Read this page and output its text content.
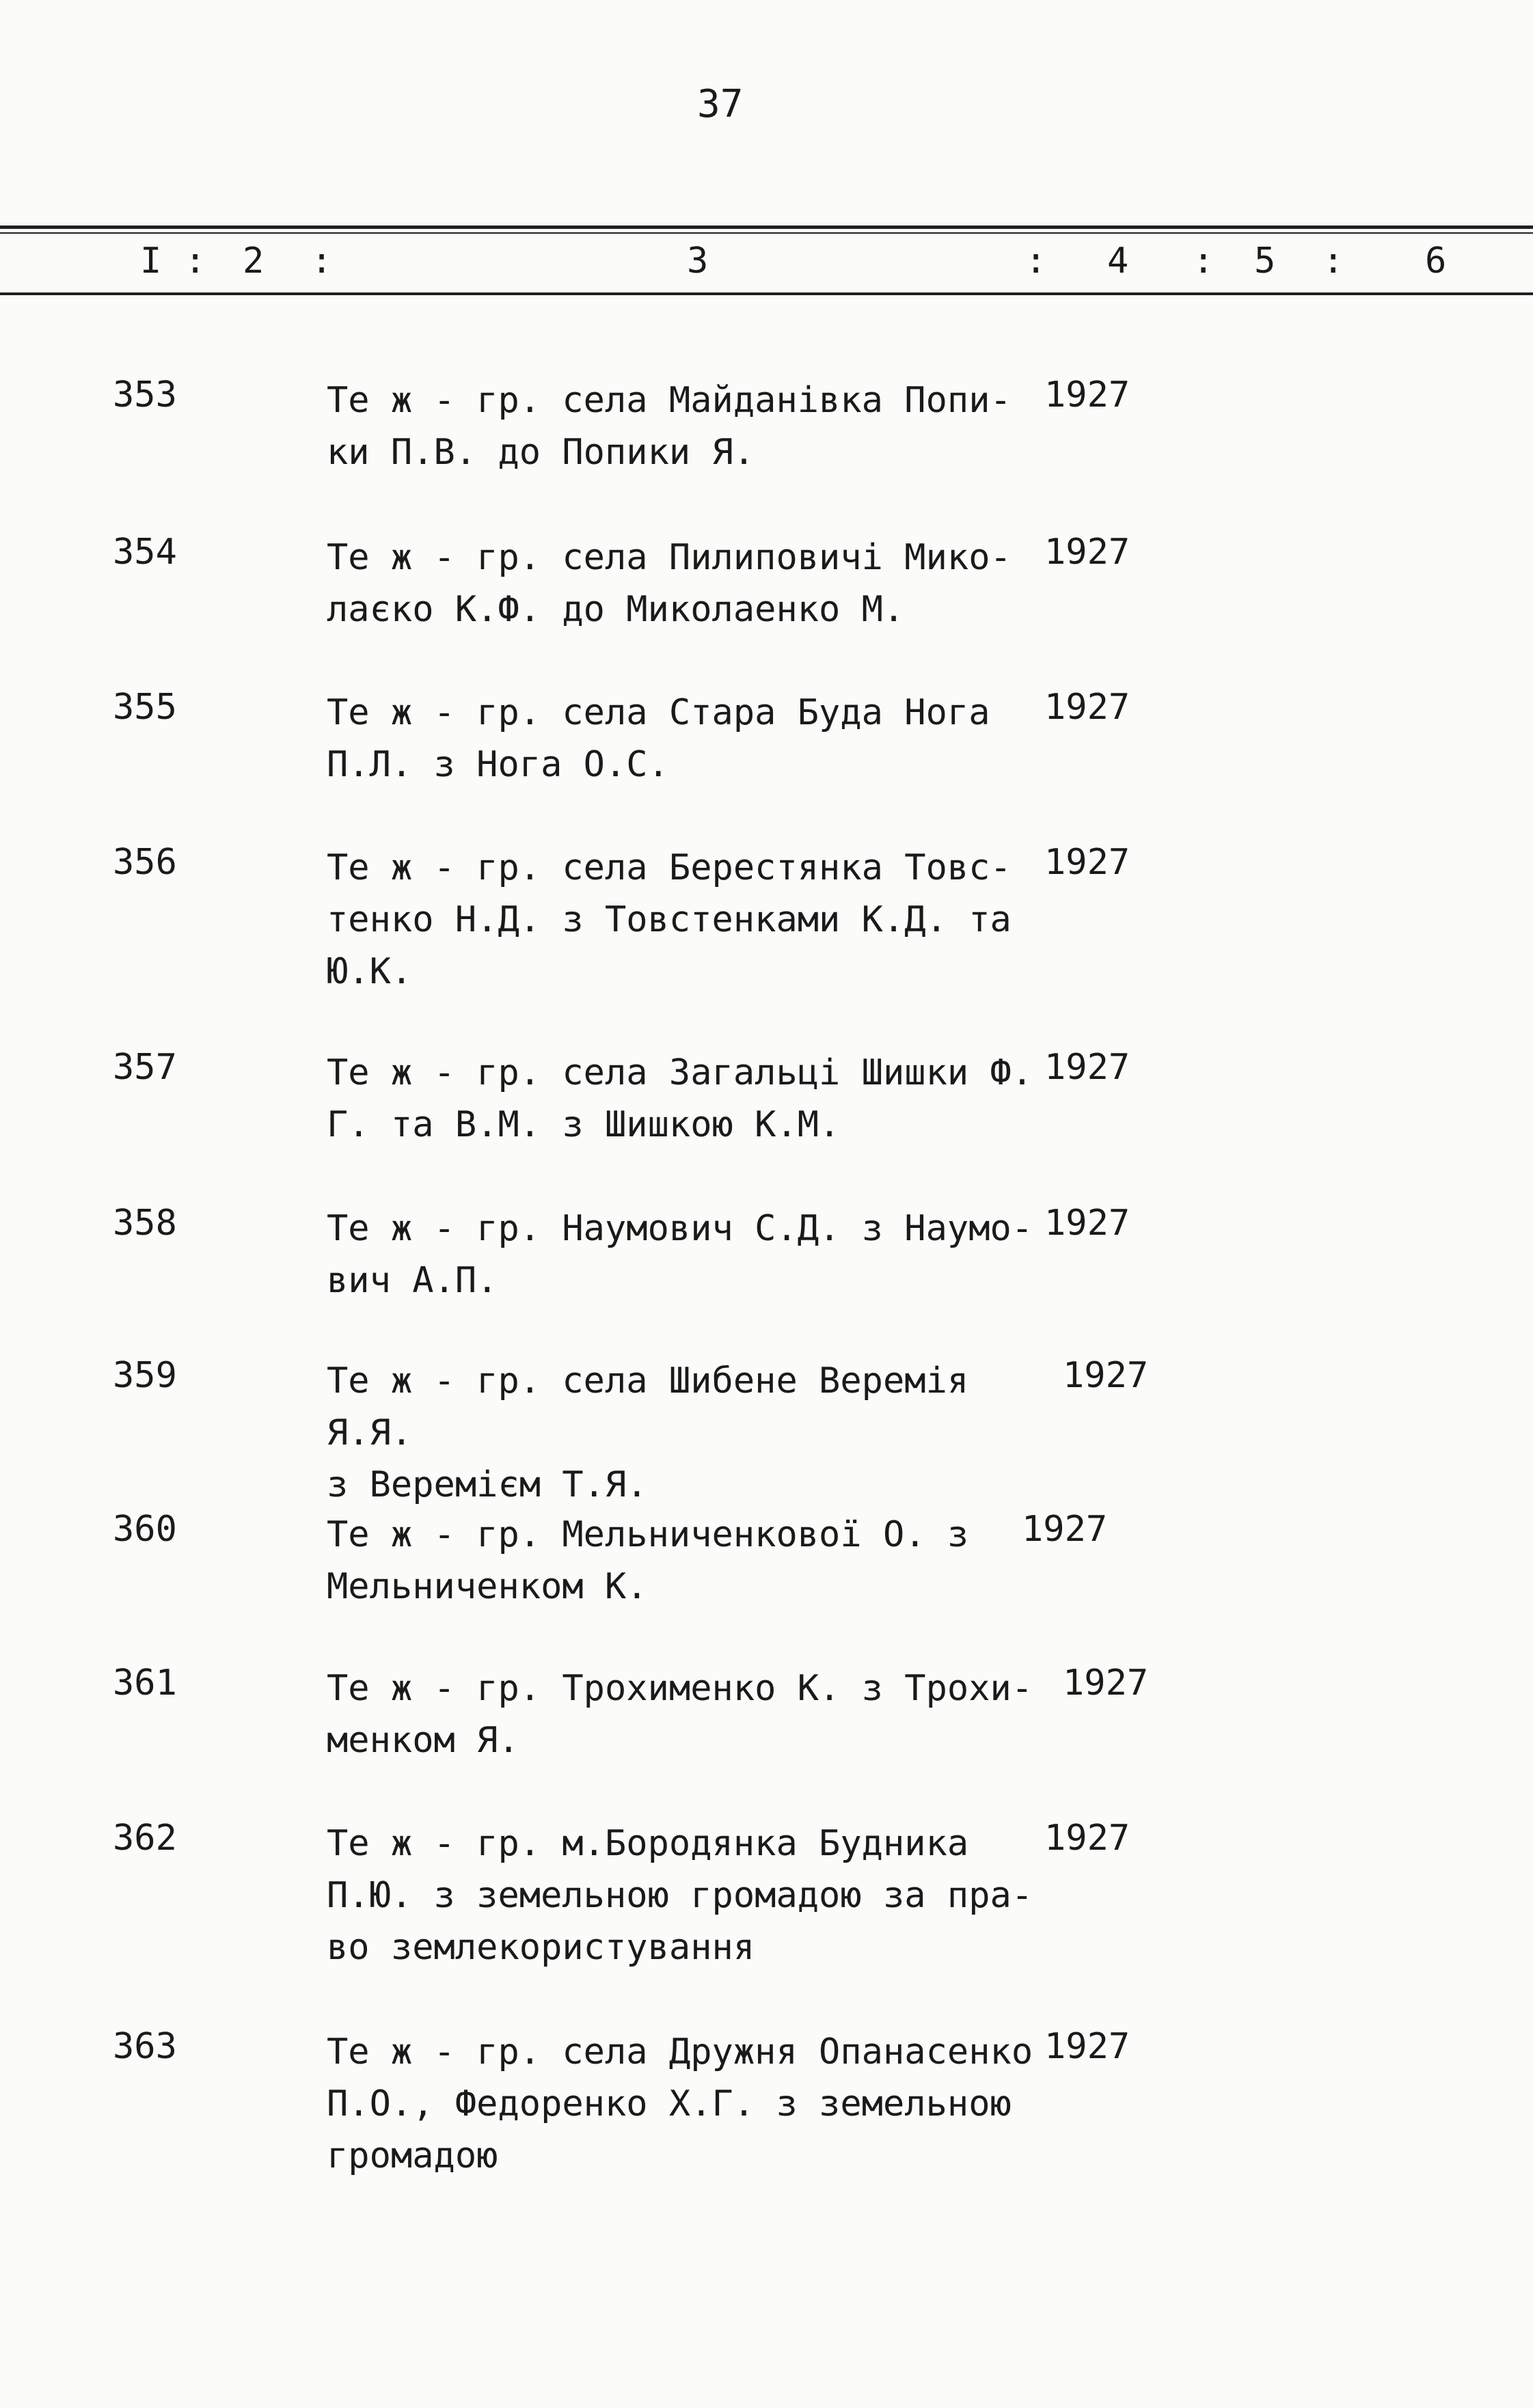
37
I : 2 :	3	: 4 : 5 : 6
353	Те ж - гр. села Майданівка Попи-
ки П.В. до Попики Я.
1927
354	Те ж - гр. села Пилиповичі Мико-
лаєко К.Ф. до Миколаенко М.
1927
355	Те ж - гр. села Стара Буда Нога
П.Л. з Нога О.С.
1927
356	Те ж - гр. села Берестянка Товс-
тенко Н.Д. з Товстенками К.Д. та
Ю.К.
1927
357	Те ж - гр. села Загальці Шишки Ф.
Г. та В.М. з Шишкою К.М.
1927
358	Те ж - гр. Наумович С.Д. з Наумо-
вич А.П.
1927
359	Те ж - гр. села Шибене Веремія Я.Я.
з Веремієм Т.Я.
1927
360	Те ж - гр. Мельниченкової О. з
Мельниченком К.
1927
361	Те ж - гр. Трохименко К. з Трохи-
менком Я.
1927
362	Те ж - гр. м.Бородянка Будника
П.Ю. з земельною громадою за пра-
во землекористування
1927
363	Те ж - гр. села Дружня Опанасенко
П.О., Федоренко Х.Г. з земельною
громадою
1927
